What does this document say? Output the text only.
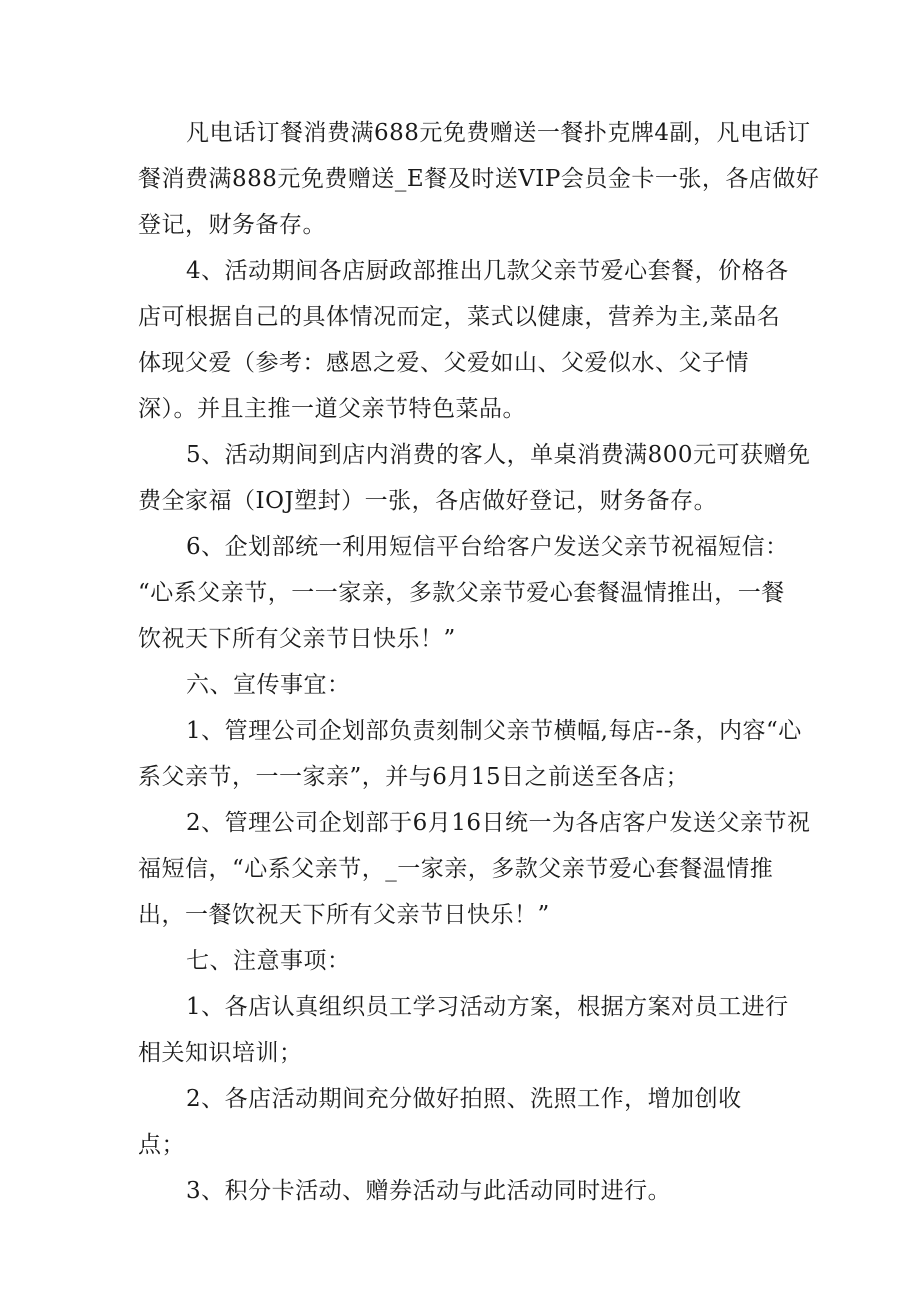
凡电话订餐消费满688元免费赠送一餐扑克牌4副，凡电话订
餐消费满888元免费赠送_E餐及时送VIP会员金卡一张，各店做好
登记，财务备存。

4、活动期间各店厨政部推出几款父亲节爱心套餐，价格各
店可根据自己的具体情况而定，菜式以健康，营养为主,菜品名
体现父爱（参考：感恩之爱、父爱如山、父爱似水、父子情
深）。并且主推一道父亲节特色菜品。

5、活动期间到店内消费的客人，单桌消费满800元可获赠免
费全家福（IOJ塑封）一张，各店做好登记，财务备存。

6、企划部统一利用短信平台给客户发送父亲节祝福短信：
“心系父亲节，一一家亲，多款父亲节爱心套餐温情推出，一餐
饮祝天下所有父亲节日快乐！”

六、宣传事宜：

1、管理公司企划部负责刻制父亲节横幅,每店--条，内容“心
系父亲节，一一家亲”，并与6月15日之前送至各店；

2、管理公司企划部于6月16日统一为各店客户发送父亲节祝
福短信，“心系父亲节，_一家亲，多款父亲节爱心套餐温情推
出，一餐饮祝天下所有父亲节日快乐！”

七、注意事项：

1、各店认真组织员工学习活动方案，根据方案对员工进行
相关知识培训；

2、各店活动期间充分做好拍照、洗照工作，增加创收
点；

3、积分卡活动、赠券活动与此活动同时进行。
